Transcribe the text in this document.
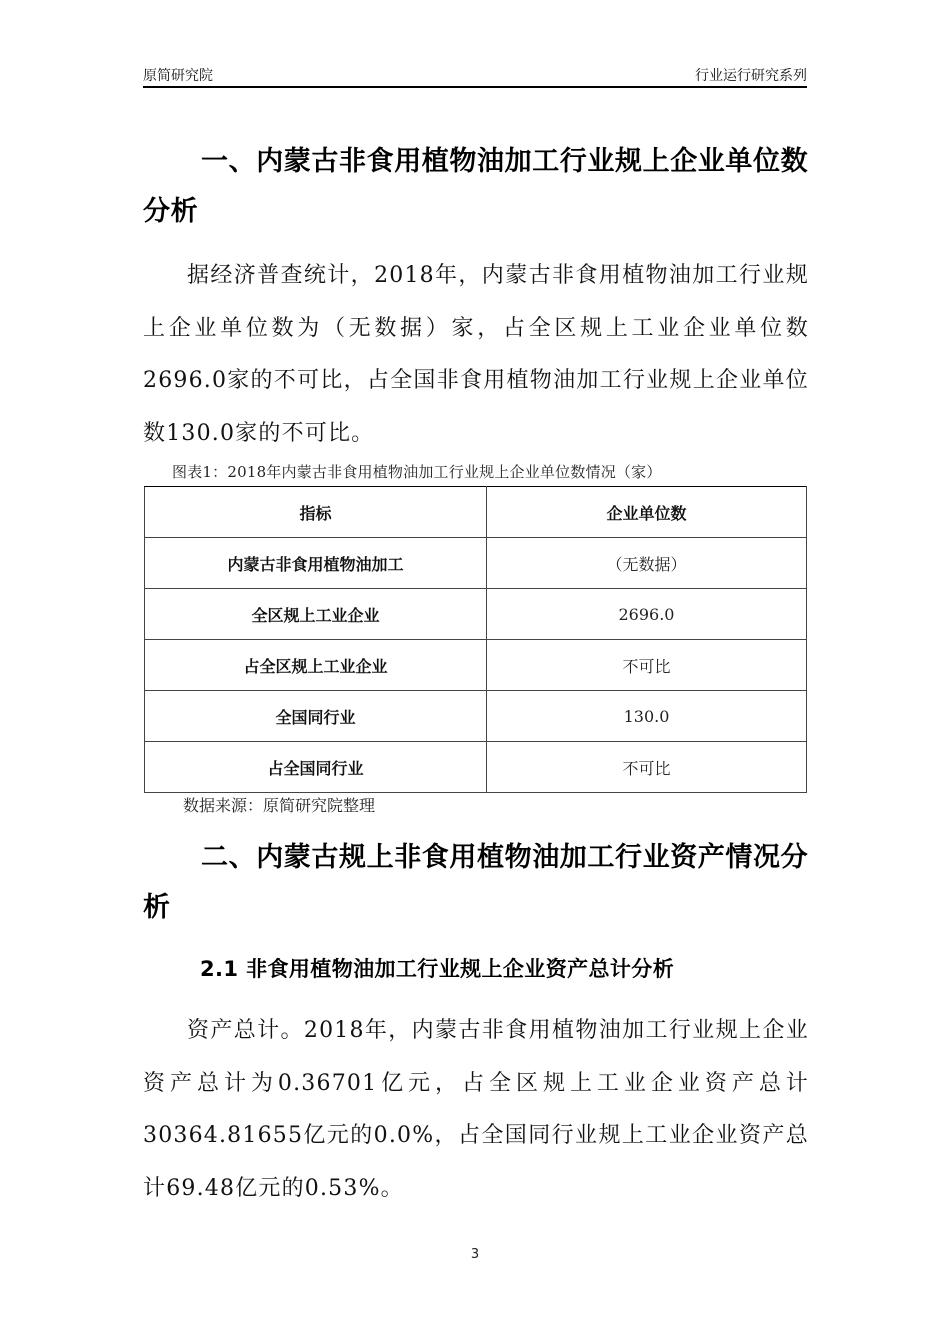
原简研究院	行业运行研究系列
一、内蒙古非食用植物油加工行业规上企业单位数分析
据经济普查统计，2018年，内蒙古非食用植物油加工行业规上企业单位数为（无数据）家，占全区规上工业企业单位数2696.0家的不可比，占全国非食用植物油加工行业规上企业单位数130.0家的不可比。
图表1：2018年内蒙古非食用植物油加工行业规上企业单位数情况（家）
指标	企业单位数
内蒙古非食用植物油加工	（无数据）
全区规上工业企业	2696.0
占全区规上工业企业	不可比
全国同行业	130.0
占全国同行业	不可比
数据来源：原简研究院整理
二、内蒙古规上非食用植物油加工行业资产情况分析
2.1 非食用植物油加工行业规上企业资产总计分析
资产总计。2018年，内蒙古非食用植物油加工行业规上企业资产总计为0.36701亿元，占全区规上工业企业资产总计30364.81655亿元的0.0%，占全国同行业规上工业企业资产总计69.48亿元的0.53%。
3
